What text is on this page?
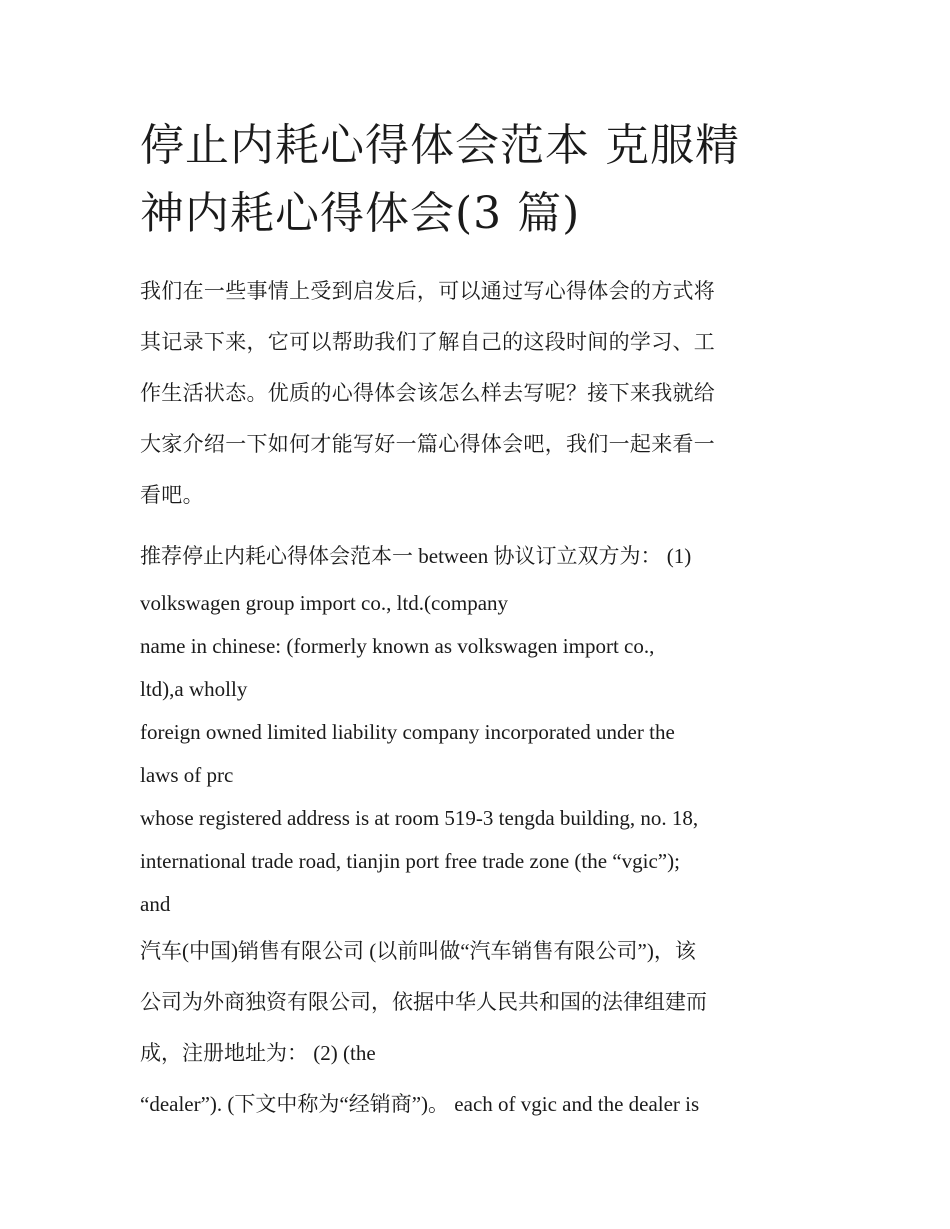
停止内耗心得体会范本 克服精
神内耗心得体会(3 篇)

我们在一些事情上受到启发后，可以通过写心得体会的方式将
其记录下来，它可以帮助我们了解自己的这段时间的学习、工
作生活状态。优质的心得体会该怎么样去写呢？接下来我就给
大家介绍一下如何才能写好一篇心得体会吧，我们一起来看一
看吧。

推荐停止内耗心得体会范本一 between 协议订立双方为： (1)
volkswagen group import co., ltd.(company
name in chinese: (formerly known as volkswagen import co.,
ltd),a wholly
foreign owned limited liability company incorporated under the
laws of prc
whose registered address is at room 519-3 tengda building, no. 18,
international trade road, tianjin port free trade zone (the “vgic”);
and
汽车(中国)销售有限公司 (以前叫做“汽车销售有限公司”)，该
公司为外商独资有限公司，依据中华人民共和国的法律组建而
成，注册地址为： (2) (the
“dealer”). (下文中称为“经销商”)。 each of vgic and the dealer is
